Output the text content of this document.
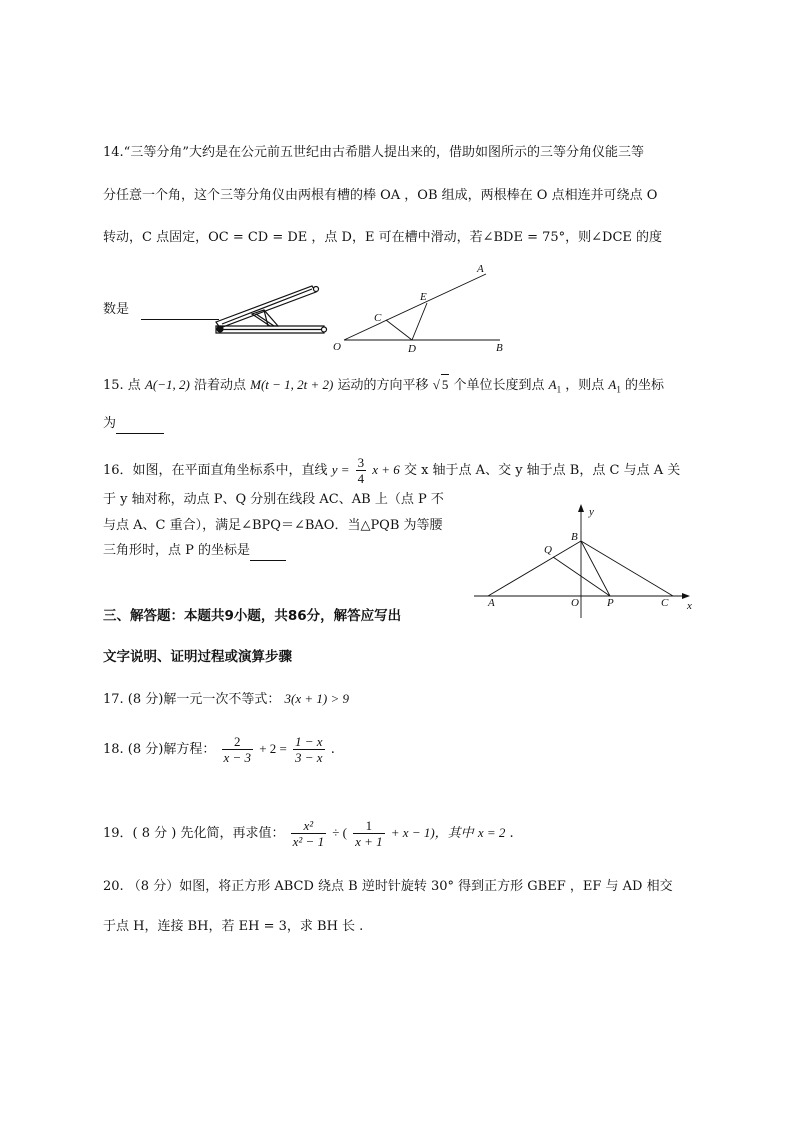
14.“三等分角”大约是在公元前五世纪由古希腊人提出来的，借助如图所示的三等分角仪能三等
分任意一个角，这个三等分角仪由两根有槽的棒 OA ，OB 组成，两根棒在 O 点相连并可绕点 O
转动，C 点固定，OC = CD = DE ，点 D，E 可在槽中滑动，若∠BDE = 75°，则∠DCE 的度
数是
A
E
C
O	D	B
15. 点 A(−1, 2) 沿着动点 M(t − 1, 2t + 2) 运动的方向平移 √ 5 个单位长度到点 $A_1$ ，则点 $A_1$ 的坐标
为
16．如图，在平面直角坐标系中，直线 $y = \frac{3}{4}$ x + 6 交 x 轴于点 A、交 y 轴于点 B，点 C 与点 A 关
于 y 轴对称，动点 P、Q 分别在线段 AC、AB 上（点 P 不
与点 A、C 重合），满足∠BPQ＝∠BAO．当△PQB 为等腰
三角形时，点 P 的坐标是
y
x
B
Q
A	O	P	C
三、解答题：本题共9小题，共86分，解答应写出
文字说明、证明过程或演算步骤
17. (8 分)解一元一次不等式： 3(x + 1) > 9
18. (8 分)解方程： $\frac{2}{x - 3} + 2 = \frac{1 - x}{3 - x}$ .
19．( 8 分 ) 先化简，再求值： $\frac{\text{x²}}{\text{x² − 1}}$ ÷ ( $\frac{1}{x + 1} + x - 1$)，其中 x = 2 .
20. （8 分）如图，将正方形 ABCD 绕点 B 逆时针旋转 30° 得到正方形 GBEF ，EF 与 AD 相交
于点 H，连接 BH，若 EH = 3，求 BH 长 .
